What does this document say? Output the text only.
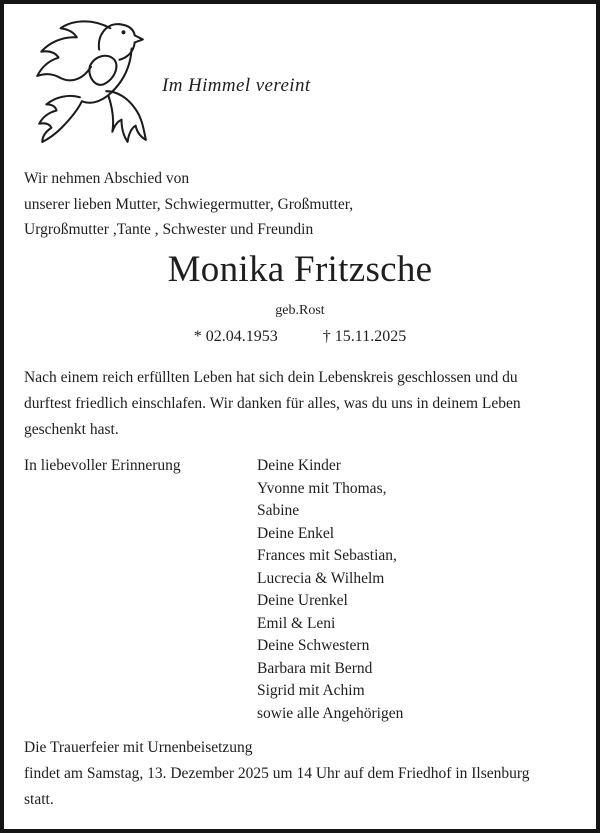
Im Himmel vereint
Wir nehmen Abschied von
unserer lieben Mutter, Schwiegermutter, Großmutter,
Urgroßmutter ,Tante , Schwester und Freundin
Monika Fritzsche
geb.Rost
* 02.04.1953	† 15.11.2025
Nach einem reich erfüllten Leben hat sich dein Lebenskreis geschlossen und du
durftest friedlich einschlafen. Wir danken für alles, was du uns in deinem Leben
geschenkt hast.
In liebevoller Erinnerung	Deine Kinder
Yvonne mit Thomas,
Sabine
Deine Enkel
Frances mit Sebastian,
Lucrecia & Wilhelm
Deine Urenkel
Emil & Leni
Deine Schwestern
Barbara mit Bernd
Sigrid mit Achim
sowie alle Angehörigen
Die Trauerfeier mit Urnenbeisetzung
findet am Samstag, 13. Dezember 2025 um 14 Uhr auf dem Friedhof in Ilsenburg
statt.
